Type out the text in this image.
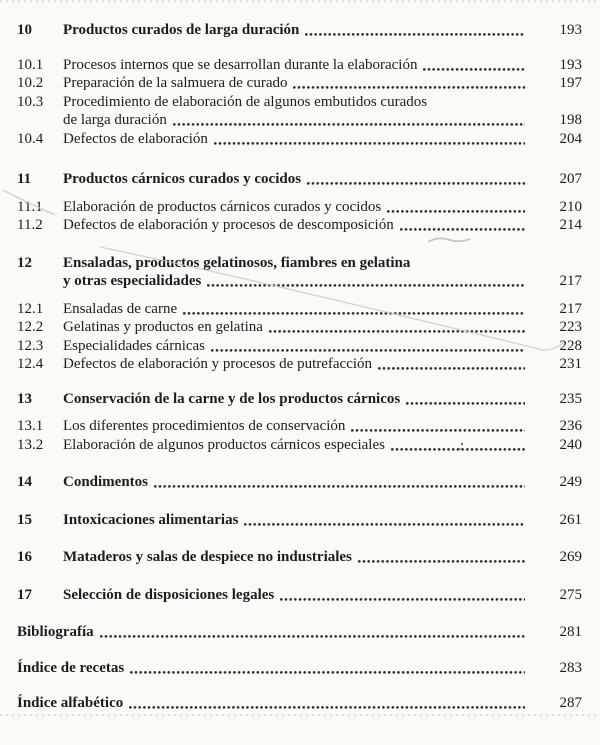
10	Productos curados de larga duración	193
10.1	Procesos internos que se desarrollan durante la elaboración	193
10.2	Preparación de la salmuera de curado	197
10.3	Procedimiento de elaboración de algunos embutidos curados
de larga duración	198
10.4	Defectos de elaboración	204
11	Productos cárnicos curados y cocidos	207
11.1	Elaboración de productos cárnicos curados y cocidos	210
11.2	Defectos de elaboración y procesos de descomposición	214
12	Ensaladas, productos gelatinosos, fiambres en gelatina
y otras especialidades	217
12.1	Ensaladas de carne	217
12.2	Gelatinas y productos en gelatina	223
12.3	Especialidades cárnicas	228
12.4	Defectos de elaboración y procesos de putrefacción	231
13	Conservación de la carne y de los productos cárnicos	235
13.1	Los diferentes procedimientos de conservación	236
13.2	Elaboración de algunos productos cárnicos especiales	240
14	Condimentos	249
15	Intoxicaciones alimentarias	261
16	Mataderos y salas de despiece no industriales	269
17	Selección de disposiciones legales	275
Bibliografía	281
Índice de recetas	283
Índice alfabético	287
